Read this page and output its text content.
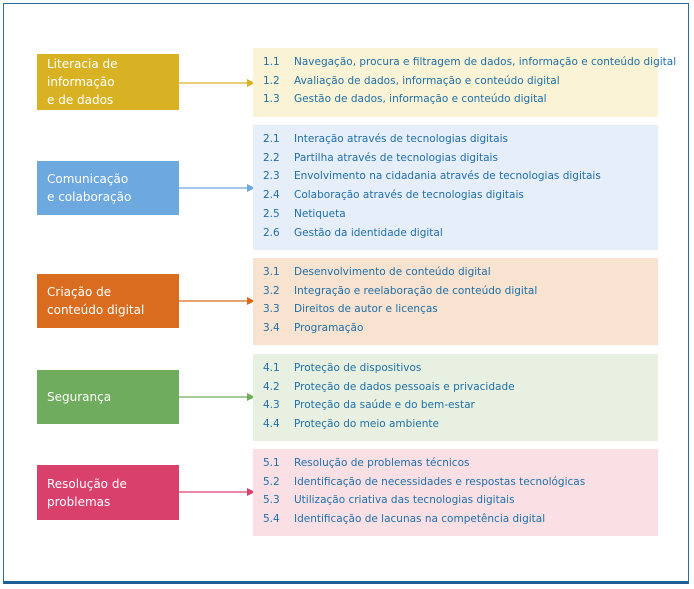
Literacia de
informação
e de dados
Comunicação
e colaboração
Criação de
conteúdo digital
Segurança
Resolução de
problemas
1.1	Navegação, procura e filtragem de dados, informação e conteúdo digital
1.2	Avaliação de dados, informação e conteúdo digital
1.3	Gestão de dados, informação e conteúdo digital
2.1	Interação através de tecnologias digitais
2.2	Partilha através de tecnologias digitais
2.3	Envolvimento na cidadania através de tecnologias digitais
2.4	Colaboração através de tecnologias digitais
2.5	Netiqueta
2.6	Gestão da identidade digital
3.1	Desenvolvimento de conteúdo digital
3.2	Integração e reelaboração de conteúdo digital
3.3	Direitos de autor e licenças
3.4	Programação
4.1	Proteção de dispositivos
4.2	Proteção de dados pessoais e privacidade
4.3	Proteção da saúde e do bem-estar
4.4	Proteção do meio ambiente
5.1	Resolução de problemas técnicos
5.2	Identificação de necessidades e respostas tecnológicas
5.3	Utilização criativa das tecnologias digitais
5.4	Identificação de lacunas na competência digital
